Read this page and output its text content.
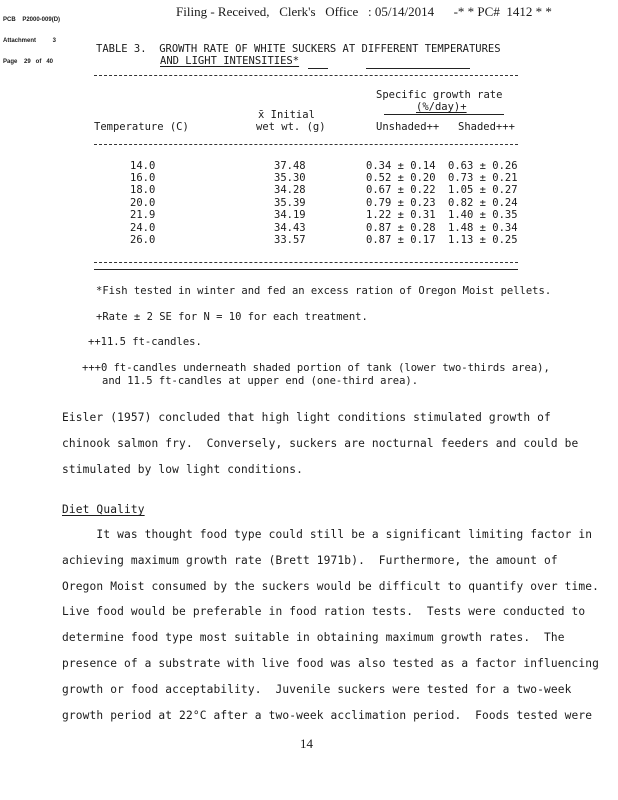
PCB    P2000-009(D)

Attachment          3

Page    29   of   40

Filing - Received,   Clerk's   Office   : 05/14/2014      -* * PC#  1412 * *
TABLE 3.  GROWTH RATE OF WHITE SUCKERS AT DIFFERENT TEMPERATURES
AND LIGHT INTENSITIES*
Specific growth rate
(%/day)+
x̄ Initial
Temperature (C)	wet wt. (g)	Unshaded++ Shaded+++
14.0	37.48	0.34 ± 0.14 0.63 ± 0.26
16.0	35.30	0.52 ± 0.20 0.73 ± 0.21
18.0	34.28	0.67 ± 0.22 1.05 ± 0.27
20.0	35.39	0.79 ± 0.23 0.82 ± 0.24
21.9	34.19	1.22 ± 0.31 1.40 ± 0.35
24.0	34.43	0.87 ± 0.28 1.48 ± 0.34
26.0	33.57	0.87 ± 0.17 1.13 ± 0.25
*Fish tested in winter and fed an excess ration of Oregon Moist pellets.
+Rate ± 2 SE for N = 10 for each treatment.
++11.5 ft-candles.
+++0 ft-candles underneath shaded portion of tank (lower two-thirds area),
and 11.5 ft-candles at upper end (one-third area).
Eisler (1957) concluded that high light conditions stimulated growth of
chinook salmon fry.  Conversely, suckers are nocturnal feeders and could be
stimulated by low light conditions.
Diet Quality
It was thought food type could still be a significant limiting factor in
achieving maximum growth rate (Brett 1971b).  Furthermore, the amount of
Oregon Moist consumed by the suckers would be difficult to quantify over time.
Live food would be preferable in food ration tests.  Tests were conducted to
determine food type most suitable in obtaining maximum growth rates.  The
presence of a substrate with live food was also tested as a factor influencing
growth or food acceptability.  Juvenile suckers were tested for a two-week
growth period at 22°C after a two-week acclimation period.  Foods tested were
14
